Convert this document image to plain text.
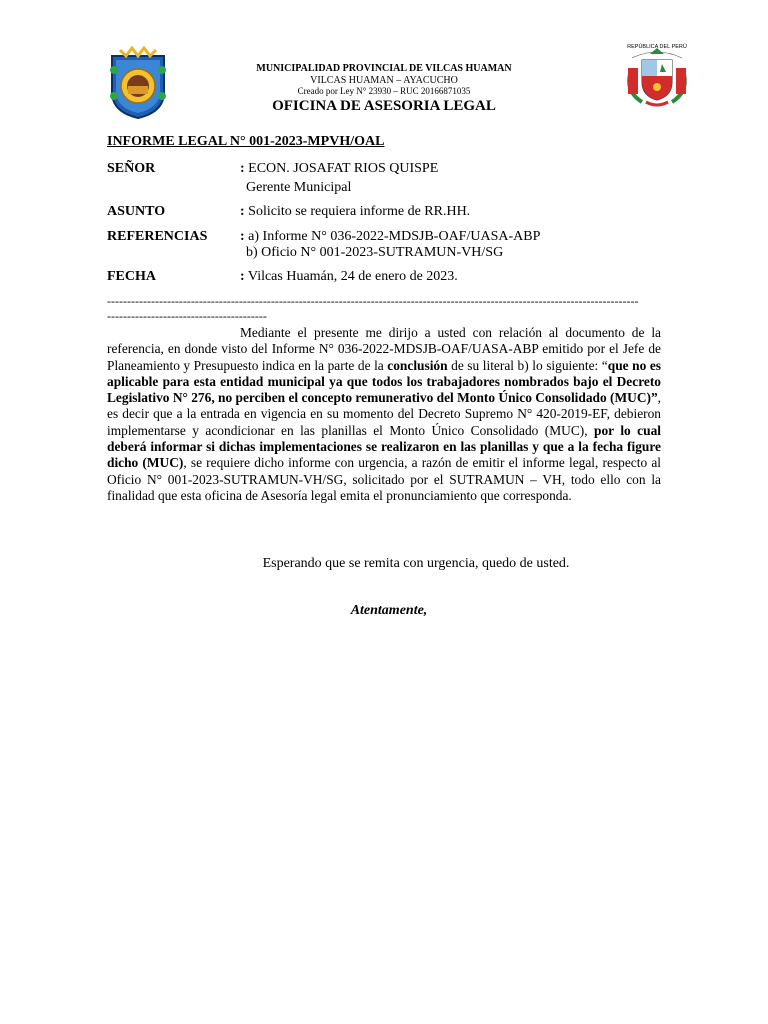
REPÚBLICA DEL PERÚ
MUNICIPALIDAD PROVINCIAL DE VILCAS HUAMAN
VILCAS HUAMAN – AYACUCHO
Creado por Ley N° 23930 – RUC 20166871035
OFICINA DE ASESORIA LEGAL
INFORME LEGAL N° 001-2023-MPVH/OAL
SEÑOR	: ECON. JOSAFAT RIOS QUISPE
Gerente Municipal
ASUNTO	: Solicito se requiera informe de RR.HH.
REFERENCIAS : a) Informe N° 036-2022-MDSJB-OAF/UASA-ABP
b) Oficio N° 001-2023-SUTRAMUN-VH/SG
FECHA	: Vilcas Huamán, 24 de enero de 2023.
-------------------------------------------------------------------------------------------------------------------------------------
----------------------------------------
Mediante el presente me dirijo a usted con relación al documento de la referencia, en donde visto del Informe N° 036-2022-MDSJB-OAF/UASA-ABP emitido por el Jefe de Planeamiento y Presupuesto indica en la parte de la conclusión de su literal b) lo siguiente: “que no es aplicable para esta entidad municipal ya que todos los trabajadores nombrados bajo el Decreto Legislativo N° 276, no perciben el concepto remunerativo del Monto Único Consolidado (MUC)”, es decir que a la entrada en vigencia en su momento del Decreto Supremo N° 420-2019-EF, debieron implementarse y acondicionar en las planillas el Monto Único Consolidado (MUC), por lo cual deberá informar si dichas implementaciones se realizaron en las planillas y que a la fecha figure dicho (MUC), se requiere dicho informe con urgencia, a razón de emitir el informe legal, respecto al Oficio N° 001-2023-SUTRAMUN-VH/SG, solicitado por el SUTRAMUN – VH, todo ello con la finalidad que esta oficina de Asesoría legal emita el pronunciamiento que corresponda.
Esperando que se remita con urgencia, quedo de usted.
Atentamente,
